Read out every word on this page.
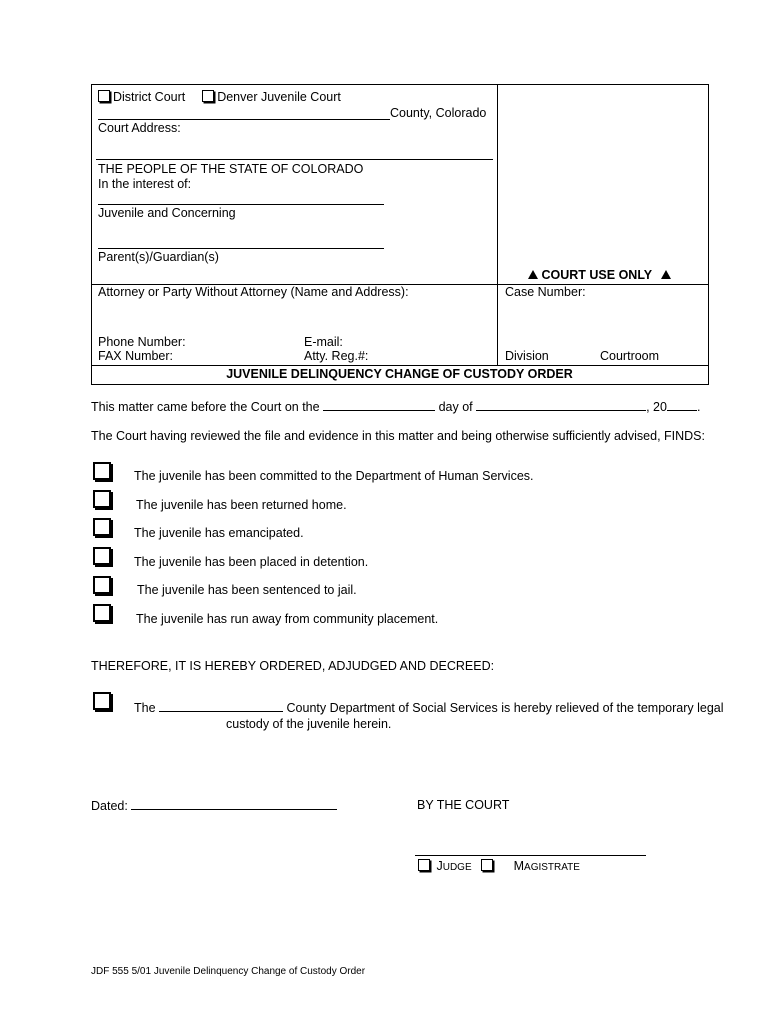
District Court	Denver Juvenile Court
County, Colorado
Court Address:
THE PEOPLE OF THE STATE OF COLORADO
In the interest of:
Juvenile and Concerning
Parent(s)/Guardian(s)
COURT USE ONLY
Attorney or Party Without Attorney (Name and Address):	Case Number:
Phone Number:	E-mail:
FAX Number:	Atty. Reg.#:	Division	Courtroom
JUVENILE DELINQUENCY CHANGE OF CUSTODY ORDER
This matter came before the Court on the	day of	, 20 .
The Court having reviewed the file and evidence in this matter and being otherwise sufficiently advised, FINDS:
The juvenile has been committed to the Department of Human Services.
The juvenile has been returned home.
The juvenile has emancipated.
The juvenile has been placed in detention.
The juvenile has been sentenced to jail.
The juvenile has run away from community placement.
THEREFORE, IT IS HEREBY ORDERED, ADJUDGED AND DECREED:
The	County Department of Social Services is hereby relieved of the temporary legal
custody of the juvenile herein.
Dated:	BY THE COURT
JUDGE	MAGISTRATE
JDF 555 5/01 Juvenile Delinquency Change of Custody Order
